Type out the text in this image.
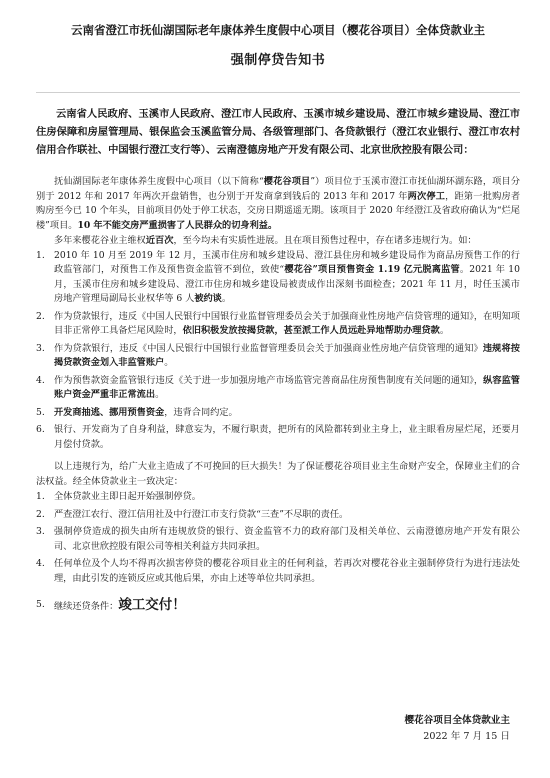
云南省澄江市抚仙湖国际老年康体养生度假中心项目（樱花谷项目）全体贷款业主
强制停贷告知书

云南省人民政府、玉溪市人民政府、澄江市人民政府、玉溪市城乡建设局、澄江市城乡建设局、澄江市住房保障和房屋管理局、银保监会玉溪监管分局、各级管理部门、各贷款银行（澄江农业银行、澄江市农村信用合作联社、中国银行澄江支行等）、云南澄德房地产开发有限公司、北京世欣控股有限公司：

抚仙湖国际老年康体养生度假中心项目（以下简称“樱花谷项目”）项目位于玉溪市澄江市抚仙湖环湖东路，项目分别于 2012 年和 2017 年两次开盘销售，也分别于开发商拿到钱后的 2013 年和 2017 年两次停工，距第一批购房者购房至今已 10 个年头，目前项目仍处于停工状态，交房日期遥遥无期。该项目于 2020 年经澄江及省政府确认为“烂尾楼”项目。10 年不能交房严重损害了人民群众的切身利益。

多年来樱花谷业主维权近百次，至今均未有实质性进展。且在项目预售过程中，存在诸多违规行为。如：

1. 2010 年 10 月至 2019 年 12 月，玉溪市住房和城乡建设局、澄江县住房和城乡建设局作为商品房预售工作的行政监管部门，对预售工作及预售资金监管不到位，致使“樱花谷”项目预售资金 1.19 亿元脱离监管。2021 年 10 月，玉溪市住房和城乡建设局、澄江市住房和城乡建设局被责成作出深刻书面检查；2021 年 11 月，时任玉溪市房地产管理局副局长业权华等 6 人被约谈。
2. 作为贷款银行，违反《中国人民银行中国银行业监督管理委员会关于加强商业性房地产信贷管理的通知》，在明知项目非正常停工具备烂尾风险时，依旧积极发放按揭贷款，甚至派工作人员远赴异地帮助办理贷款。
3. 作为贷款银行，违反《中国人民银行中国银行业监督管理委员会关于加强商业性房地产信贷管理的通知》违规将按揭贷款资金划入非监管账户。
4. 作为预售款资金监管银行违反《关于进一步加强房地产市场监管完善商品住房预售制度有关问题的通知》，纵容监管账户资金严重非正常流出。
5. 开发商抽逃、挪用预售资金，违背合同约定。
6. 银行、开发商为了自身利益，肆意妄为，不履行职责，把所有的风险都转到业主身上，业主眼看房屋烂尾，还要月月偿付贷款。

以上违规行为，给广大业主造成了不可挽回的巨大损失！为了保证樱花谷项目业主生命财产安全，保障业主们的合法权益。经全体贷款业主一致决定：

1. 全体贷款业主即日起开始强制停贷。
2. 严查澄江农行、澄江信用社及中行澄江市支行贷款“三查”不尽职的责任。
3. 强制停贷造成的损失由所有违规放贷的银行、资金监管不力的政府部门及相关单位、云南澄德房地产开发有限公司、北京世欣控股有限公司等相关利益方共同承担。
4. 任何单位及个人均不得再次损害停贷的樱花谷项目业主的任何利益，若再次对樱花谷业主强制停贷行为进行违法处理，由此引发的连锁反应或其他后果，亦由上述等单位共同承担。
5. 继续还贷条件：竣工交付！
樱花谷项目全体贷款业主
2022 年 7 月 15 日
